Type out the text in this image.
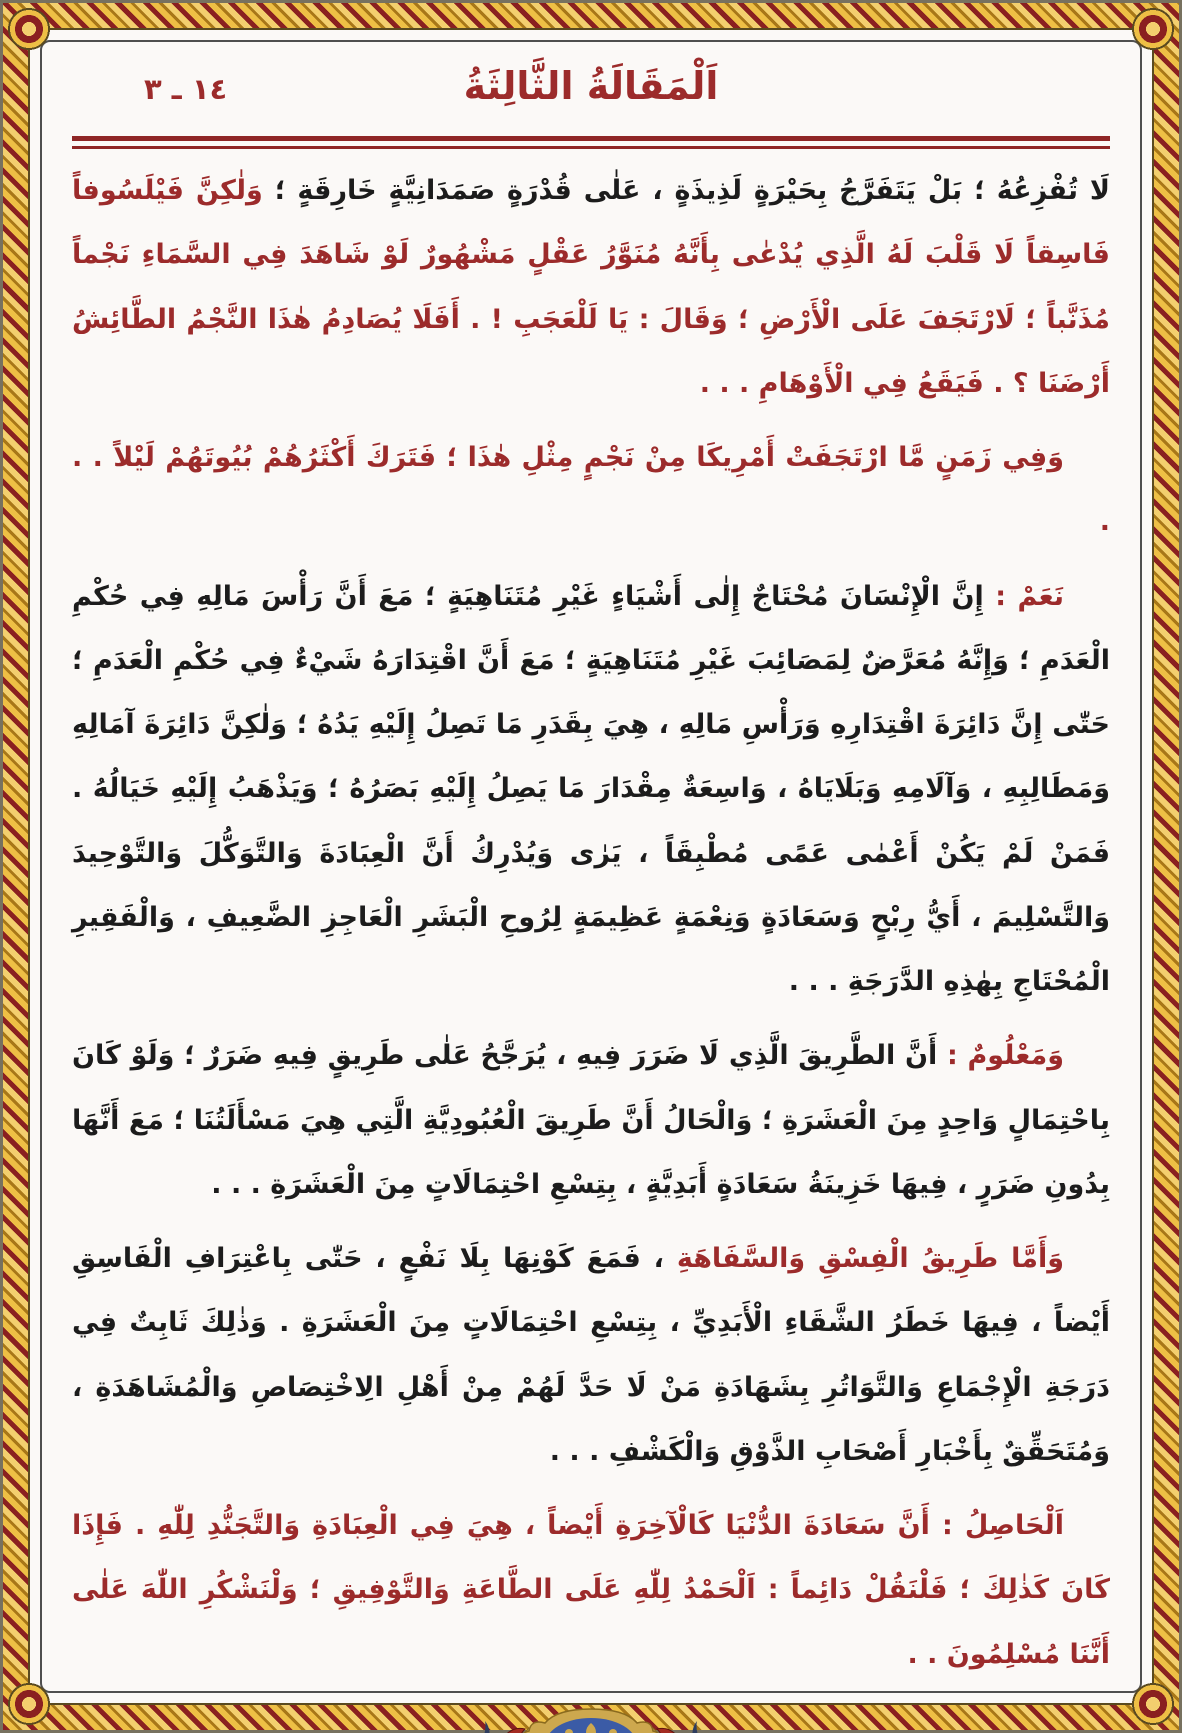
اَلْمَقَالَةُ الثَّالِثَةُ
١٤ ـ ٣

لَا تُفْزِعُهُ ؛ بَلْ يَتَفَرَّجُ بِحَيْرَةٍ لَذِيذَةٍ ، عَلٰى قُدْرَةٍ صَمَدَانِيَّةٍ خَارِقَةٍ ؛ وَلٰكِنَّ فَيْلَسُوفاً فَاسِقاً لَا قَلْبَ لَهُ الَّذِي يُدْعٰى بِأَنَّهُ مُنَوَّرُ عَقْلٍ مَشْهُورٌ لَوْ شَاهَدَ فِي السَّمَاءِ نَجْماً مُذَنَّباً ؛ لَارْتَجَفَ عَلَى الْأَرْضِ ؛ وَقَالَ : يَا لَلْعَجَبِ ! . أَفَلَا يُصَادِمُ هٰذَا النَّجْمُ الطَّائِشُ أَرْضَنَا ؟ . فَيَقَعُ فِي الْأَوْهَامِ . . .

وَفِي زَمَنٍ مَّا ارْتَجَفَتْ أَمْرِيكَا مِنْ نَجْمٍ مِثْلِ هٰذَا ؛ فَتَرَكَ أَكْثَرُهُمْ بُيُوتَهُمْ لَيْلاً . . .

نَعَمْ : إِنَّ الْإِنْسَانَ مُحْتَاجٌ إِلٰى أَشْيَاءٍ غَيْرِ مُتَنَاهِيَةٍ ؛ مَعَ أَنَّ رَأْسَ مَالِهِ فِي حُكْمِ الْعَدَمِ ؛ وَإِنَّهُ مُعَرَّضٌ لِمَصَائِبَ غَيْرِ مُتَنَاهِيَةٍ ؛ مَعَ أَنَّ اقْتِدَارَهُ شَيْءٌ فِي حُكْمِ الْعَدَمِ ؛ حَتّٰى إِنَّ دَائِرَةَ اقْتِدَارِهِ وَرَأْسِ مَالِهِ ، هِيَ بِقَدَرِ مَا تَصِلُ إِلَيْهِ يَدُهُ ؛ وَلٰكِنَّ دَائِرَةَ آمَالِهِ وَمَطَالِبِهِ ، وَآلَامِهِ وَبَلَايَاهُ ، وَاسِعَةٌ مِقْدَارَ مَا يَصِلُ إِلَيْهِ بَصَرُهُ ؛ وَيَذْهَبُ إِلَيْهِ خَيَالُهُ . فَمَنْ لَمْ يَكُنْ أَعْمٰى عَمًى مُطْبِقَاً ، يَرٰى وَيُدْرِكُ أَنَّ الْعِبَادَةَ وَالتَّوَكُّلَ وَالتَّوْحِيدَ وَالتَّسْلِيمَ ، أَيُّ رِبْحٍ وَسَعَادَةٍ وَنِعْمَةٍ عَظِيمَةٍ لِرُوحِ الْبَشَرِ الْعَاجِزِ الضَّعِيفِ ، وَالْفَقِيرِ الْمُحْتَاجِ بِهٰذِهِ الدَّرَجَةِ . . .

وَمَعْلُومٌ : أَنَّ الطَّرِيقَ الَّذِي لَا ضَرَرَ فِيهِ ، يُرَجَّحُ عَلٰى طَرِيقٍ فِيهِ ضَرَرٌ ؛ وَلَوْ كَانَ بِاحْتِمَالٍ وَاحِدٍ مِنَ الْعَشَرَةِ ؛ وَالْحَالُ أَنَّ طَرِيقَ الْعُبُودِيَّةِ الَّتِي هِيَ مَسْأَلَتُنَا ؛ مَعَ أَنَّهَا بِدُونِ ضَرَرٍ ، فِيهَا خَزِينَةُ سَعَادَةٍ أَبَدِيَّةٍ ، بِتِسْعِ احْتِمَالَاتٍ مِنَ الْعَشَرَةِ . . .

وَأَمَّا طَرِيقُ الْفِسْقِ وَالسَّفَاهَةِ ، فَمَعَ كَوْنِهَا بِلَا نَفْعٍ ، حَتّٰى بِاعْتِرَافِ الْفَاسِقِ أَيْضاً ، فِيهَا خَطَرُ الشَّقَاءِ الْأَبَدِيِّ ، بِتِسْعِ احْتِمَالَاتٍ مِنَ الْعَشَرَةِ . وَذٰلِكَ ثَابِتٌ فِي دَرَجَةِ الْإِجْمَاعِ وَالتَّوَاتُرِ بِشَهَادَةِ مَنْ لَا حَدَّ لَهُمْ مِنْ أَهْلِ الِاخْتِصَاصِ وَالْمُشَاهَدَةِ ، وَمُتَحَقِّقٌ بِأَخْبَارِ أَصْحَابِ الذَّوْقِ وَالْكَشْفِ . . .

اَلْحَاصِلُ : أَنَّ سَعَادَةَ الدُّنْيَا كَالْآخِرَةِ أَيْضاً ، هِيَ فِي الْعِبَادَةِ وَالتَّجَنُّدِ لِلّٰهِ . فَإِذَا كَانَ كَذٰلِكَ ؛ فَلْنَقُلْ دَائِماً : اَلْحَمْدُ لِلّٰهِ عَلَى الطَّاعَةِ وَالتَّوْفِيقِ ؛ وَلْنَشْكُرِ اللّٰهَ عَلٰى أَنَّنَا مُسْلِمُونَ . .
